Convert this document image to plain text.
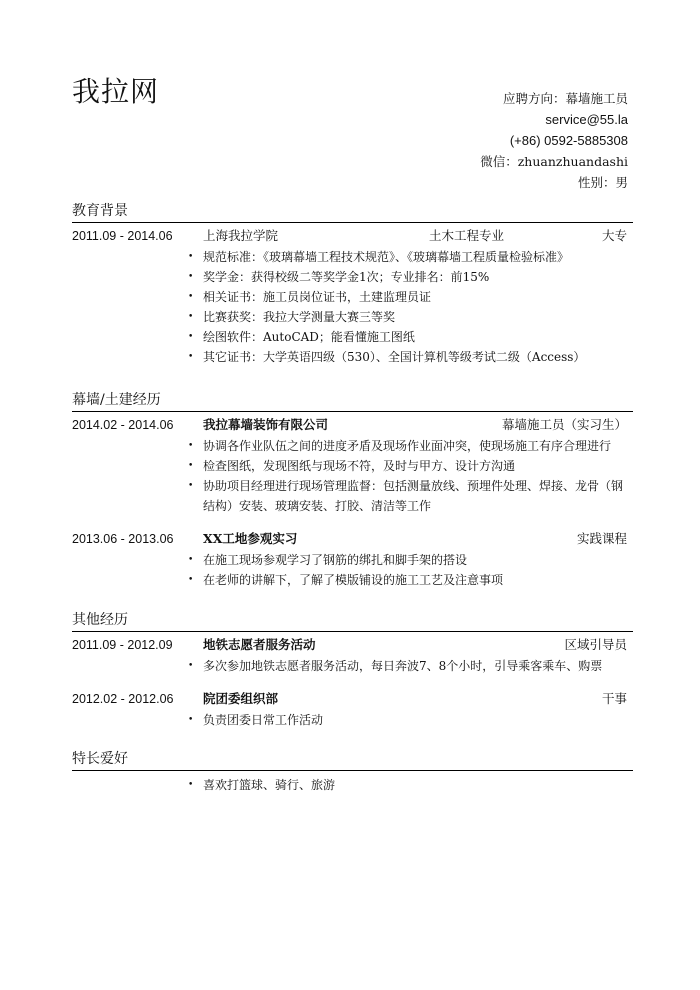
我拉网	应聘方向：幕墙施工员
service@55.la
(+86) 0592-5885308
微信：zhuanzhuandashi
性别：男
教育背景
2011.09 - 2014.06 上海我拉学院	土木工程专业	大专
• 规范标准：《玻璃幕墙工程技术规范》、《玻璃幕墙工程质量检验标准》
• 奖学金：获得校级二等奖学金1次；专业排名：前15%
• 相关证书：施工员岗位证书，土建监理员证
• 比赛获奖：我拉大学测量大赛三等奖
• 绘图软件：AutoCAD；能看懂施工图纸
• 其它证书：大学英语四级（530）、全国计算机等级考试二级（Access）
幕墙/土建经历
2014.02 - 2014.06 我拉幕墙装饰有限公司	幕墙施工员（实习生）
• 协调各作业队伍之间的进度矛盾及现场作业面冲突，使现场施工有序合理进行
• 检查图纸，发现图纸与现场不符，及时与甲方、设计方沟通
• 协助项目经理进行现场管理监督：包括测量放线、预埋件处理、焊接、龙骨（钢结构）安装、玻璃安装、打胶、清洁等工作
2013.06 - 2013.06 XX工地参观实习	实践课程
• 在施工现场参观学习了钢筋的绑扎和脚手架的搭设
• 在老师的讲解下，了解了模版铺设的施工工艺及注意事项
其他经历
2011.09 - 2012.09 地铁志愿者服务活动	区域引导员
• 多次参加地铁志愿者服务活动，每日奔波7、8个小时，引导乘客乘车、购票
2012.02 - 2012.06 院团委组织部	干事
• 负责团委日常工作活动
特长爱好
• 喜欢打篮球、骑行、旅游
